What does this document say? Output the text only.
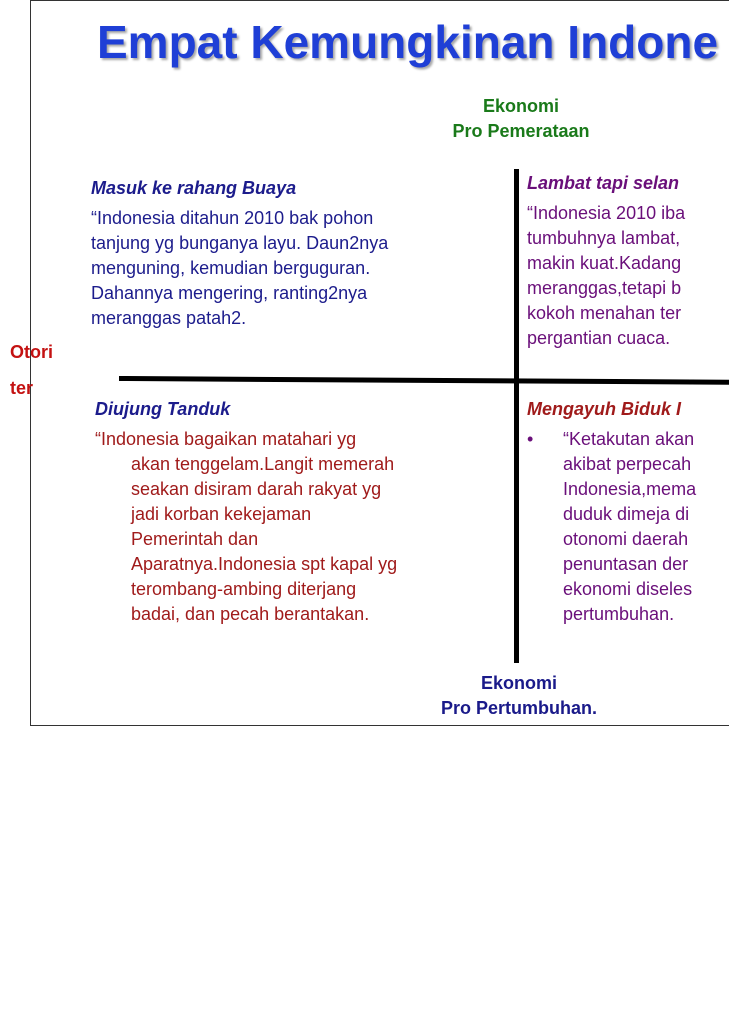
Empat Kemungkinan Indone
Ekonomi
Pro Pemerataan
Masuk ke rahang Buaya
“Indonesia ditahun 2010 bak pohon
tanjung yg bunganya layu. Daun2nya
menguning, kemudian berguguran.
Dahannya mengering, ranting2nya
meranggas patah2.
Lambat tapi selan
“Indonesia 2010 iba
tumbuhnya lambat,
makin kuat.Kadang
meranggas,tetapi b
kokoh menahan ter
pergantian cuaca.
Diujung Tanduk
“Indonesia bagaikan matahari yg
akan tenggelam.Langit memerah
seakan disiram darah rakyat yg
jadi korban kekejaman
Pemerintah dan
Aparatnya.Indonesia spt kapal yg
terombang-ambing diterjang
badai, dan pecah berantakan.
Mengayuh Biduk I
• “Ketakutan akan
akibat perpecah
Indonesia,mema
duduk dimeja di
otonomi daerah
penuntasan der
ekonomi diseles
pertumbuhan.
Ekonomi
Pro Pertumbuhan.
Otori
ter
